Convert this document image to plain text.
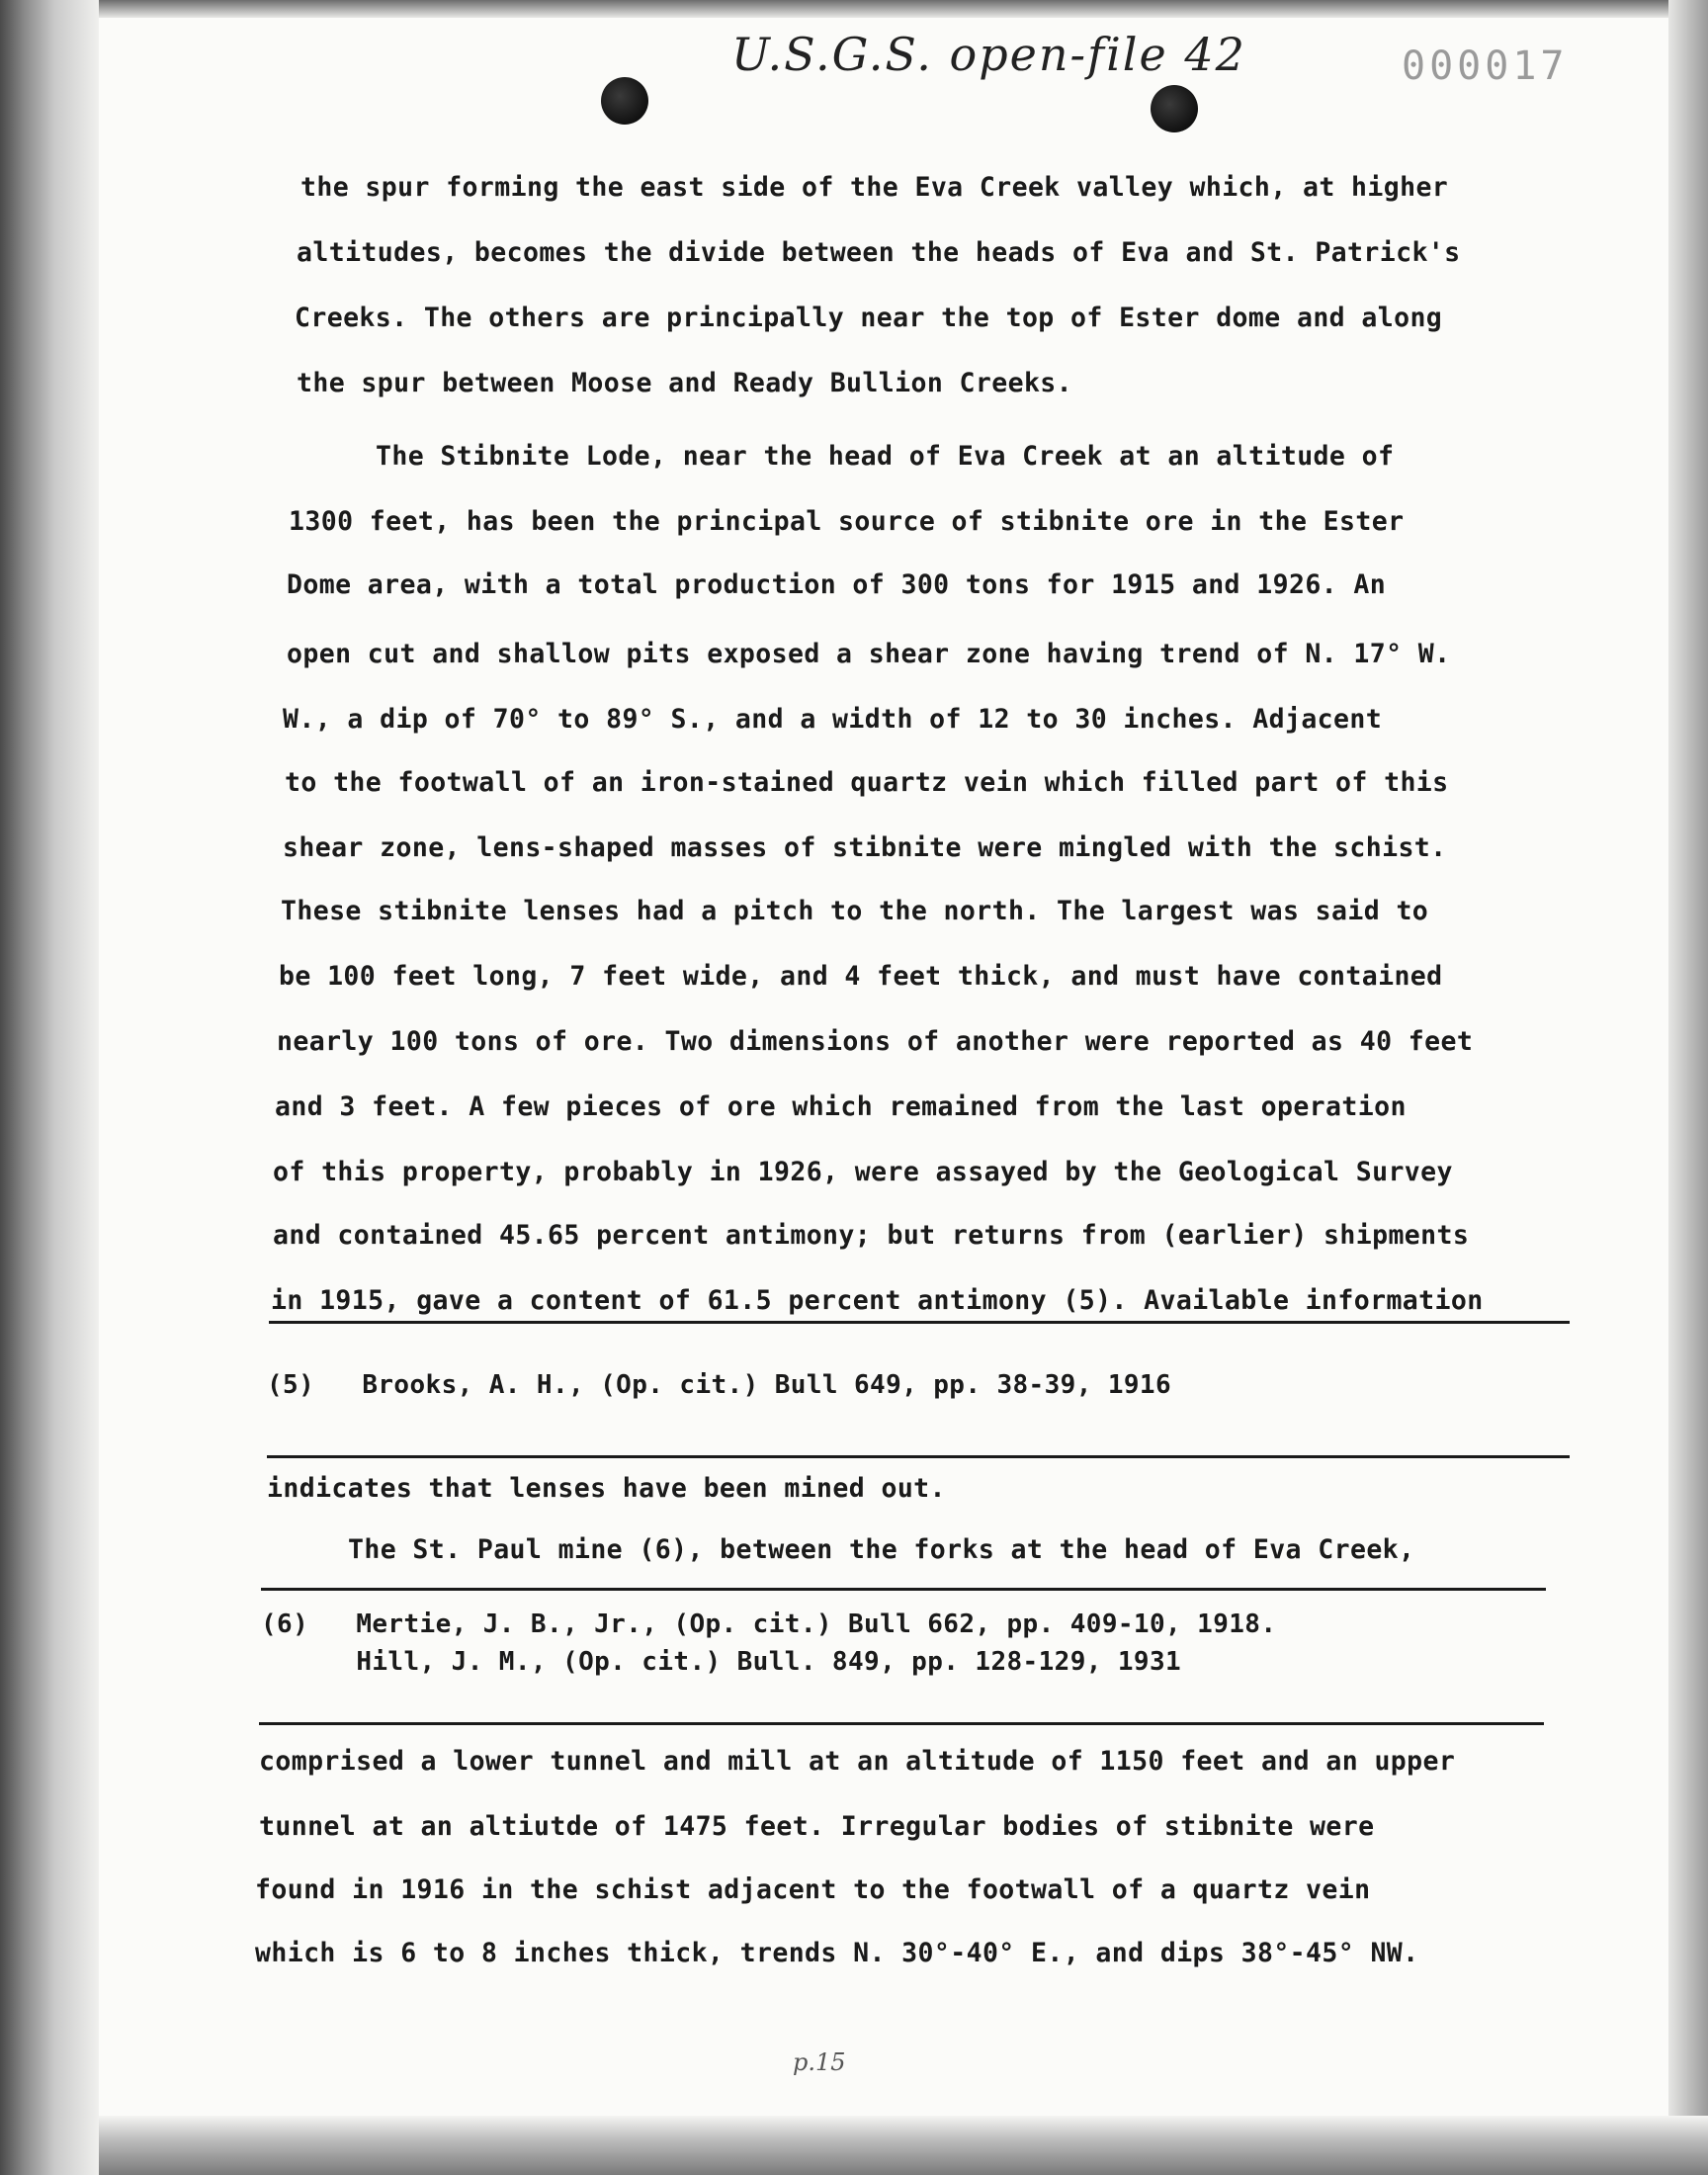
U.S.G.S. open-file 42	000017
the spur forming the east side of the Eva Creek valley which, at higher
altitudes, becomes the divide between the heads of Eva and St. Patrick's
Creeks. The others are principally near the top of Ester dome and along
the spur between Moose and Ready Bullion Creeks.
The Stibnite Lode, near the head of Eva Creek at an altitude of
1300 feet, has been the principal source of stibnite ore in the Ester
Dome area, with a total production of 300 tons for 1915 and 1926. An
open cut and shallow pits exposed a shear zone having trend of N. 17° W.
W., a dip of 70° to 89° S., and a width of 12 to 30 inches. Adjacent
to the footwall of an iron-stained quartz vein which filled part of this
shear zone, lens-shaped masses of stibnite were mingled with the schist.
These stibnite lenses had a pitch to the north. The largest was said to
be 100 feet long, 7 feet wide, and 4 feet thick, and must have contained
nearly 100 tons of ore. Two dimensions of another were reported as 40 feet
and 3 feet. A few pieces of ore which remained from the last operation
of this property, probably in 1926, were assayed by the Geological Survey
and contained 45.65 percent antimony; but returns from (earlier) shipments
in 1915, gave a content of 61.5 percent antimony (5). Available information
(5)   Brooks, A. H., (Op. cit.) Bull 649, pp. 38-39, 1916
indicates that lenses have been mined out.
The St. Paul mine (6), between the forks at the head of Eva Creek,
(6)   Mertie, J. B., Jr., (Op. cit.) Bull 662, pp. 409-10, 1918.
Hill, J. M., (Op. cit.) Bull. 849, pp. 128-129, 1931
comprised a lower tunnel and mill at an altitude of 1150 feet and an upper
tunnel at an altiutde of 1475 feet. Irregular bodies of stibnite were
found in 1916 in the schist adjacent to the footwall of a quartz vein
which is 6 to 8 inches thick, trends N. 30°-40° E., and dips 38°-45° NW.
p.15
